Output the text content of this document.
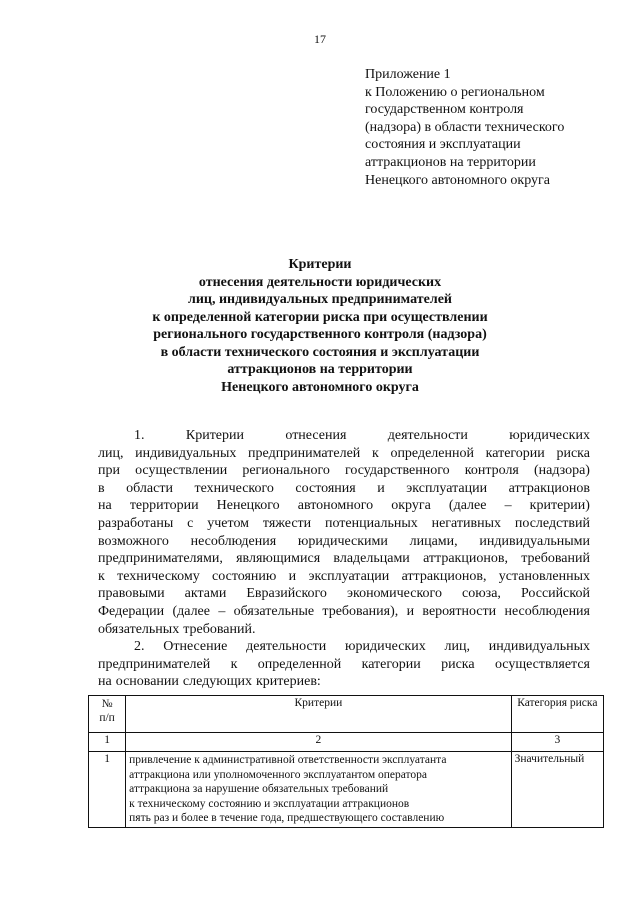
17
Приложение 1
к Положению о региональном
государственном контроля
(надзора) в области технического
состояния и эксплуатации
аттракционов на территории
Ненецкого автономного округа
Критерии
отнесения деятельности юридических
лиц, индивидуальных предпринимателей
к определенной категории риска при осуществлении
регионального государственного контроля (надзора)
в области технического состояния и эксплуатации
аттракционов на территории
Ненецкого автономного округа
1.	Критерии	отнесения	деятельности	юридических
лиц, индивидуальных предпринимателей к определенной категории риска
при осуществлении регионального государственного контроля (надзора)
в области технического состояния и эксплуатации аттракционов
на территории Ненецкого автономного округа (далее – критерии)
разработаны с учетом тяжести потенциальных негативных последствий
возможного несоблюдения юридическими лицами, индивидуальными
предпринимателями, являющимися владельцами аттракционов, требований
к техническому состоянию и эксплуатации аттракционов, установленных
правовыми актами Евразийского экономического союза, Российской
Федерации (далее – обязательные требования), и вероятности несоблюдения
обязательных требований.
2. Отнесение деятельности юридических лиц, индивидуальных
предпринимателей к определенной категории риска осуществляется
на основании следующих критериев:
№
п/п	Критерии	Категория риска
1	2	3
1	привлечение к административной ответственности эксплуатанта
аттракциона или уполномоченного эксплуатантом оператора
аттракциона за нарушение обязательных требований
к техническому состоянию и эксплуатации аттракционов
пять раз и более в течение года, предшествующего составлению	Значительный
